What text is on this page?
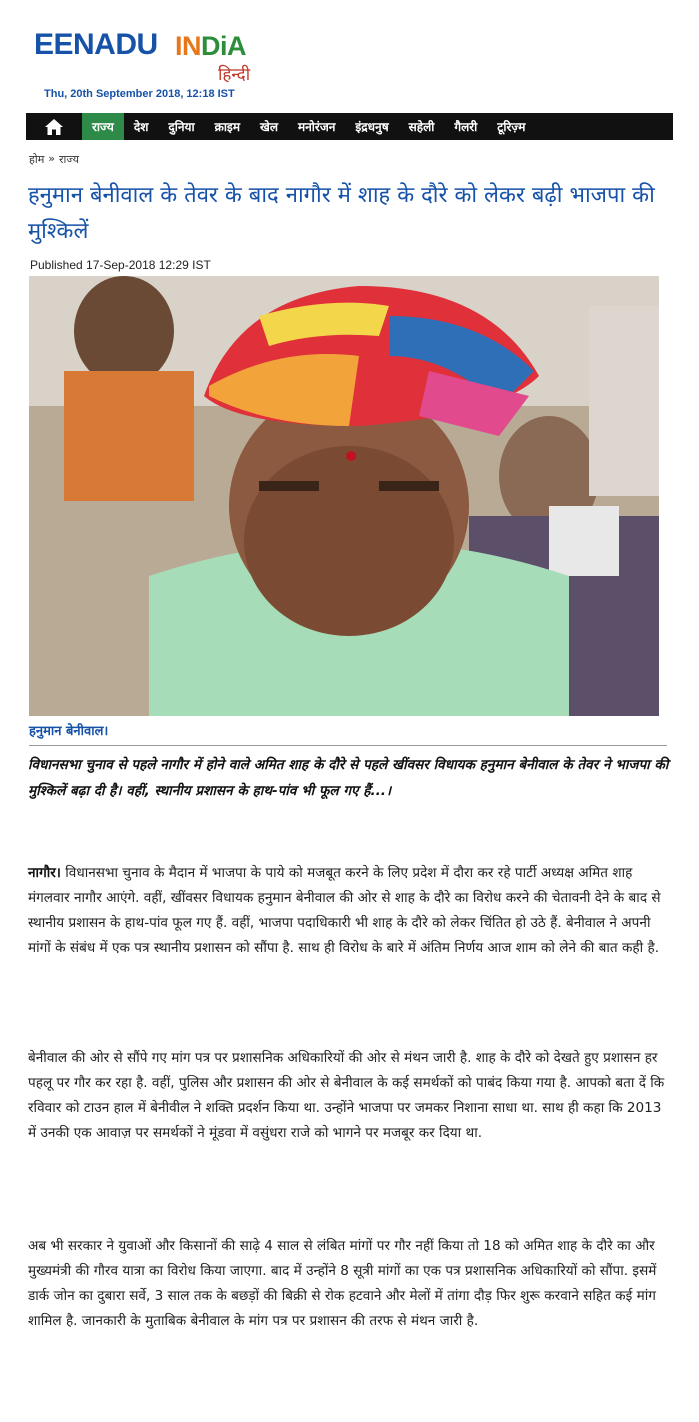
EENADU INDiA
हिन्दी
Thu, 20th September 2018, 12:18 IST
राज्य	देश	दुनिया	क्राइम	खेल	मनोरंजन	इंद्रधनुष	सहेली	गैलरी	टूरिज़्म
होम » राज्य
हनुमान बेनीवाल के तेवर के बाद नागौर में शाह के दौरे को लेकर बढ़ी भाजपा की मुश्किलें
Published 17-Sep-2018 12:29 IST
हनुमान बेनीवाल।

विधानसभा चुनाव से पहले नागौर में होने वाले अमित शाह के दौरे से पहले खींवसर विधायक हनुमान बेनीवाल के तेवर ने भाजपा की मुश्किलें बढ़ा दी है। वहीं, स्थानीय प्रशासन के हाथ-पांव भी फूल गए हैं...।

नागौर। विधानसभा चुनाव के मैदान में भाजपा के पाये को मजबूत करने के लिए प्रदेश में दौरा कर रहे पार्टी अध्यक्ष अमित शाह मंगलवार नागौर आएंगे. वहीं, खींवसर विधायक हनुमान बेनीवाल की ओर से शाह के दौरे का विरोध करने की चेतावनी देने के बाद से स्थानीय प्रशासन के हाथ-पांव फूल गए हैं. वहीं, भाजपा पदाधिकारी भी शाह के दौरे को लेकर चिंतित हो उठे हैं. बेनीवाल ने अपनी मांगों के संबंध में एक पत्र स्थानीय प्रशासन को सौंपा है. साथ ही विरोध के बारे में अंतिम निर्णय आज शाम को लेने की बात कही है.

बेनीवाल की ओर से सौंपे गए मांग पत्र पर प्रशासनिक अधिकारियों की ओर से मंथन जारी है. शाह के दौरे को देखते हुए प्रशासन हर पहलू पर गौर कर रहा है. वहीं, पुलिस और प्रशासन की ओर से बेनीवाल के कई समर्थकों को पाबंद किया गया है. आपको बता दें कि रविवार को टाउन हाल में बेनीवील ने शक्ति प्रदर्शन किया था. उन्होंने भाजपा पर जमकर निशाना साधा था. साथ ही कहा कि 2013 में उनकी एक आवाज़ पर समर्थकों ने मूंडवा में वसुंधरा राजे को भागने पर मजबूर कर दिया था.

अब भी सरकार ने युवाओं और किसानों की साढ़े 4 साल से लंबित मांगों पर गौर नहीं किया तो 18 को अमित शाह के दौरे का और मुख्यमंत्री की गौरव यात्रा का विरोध किया जाएगा. बाद में उन्होंने 8 सूत्री मांगों का एक पत्र प्रशासनिक अधिकारियों को सौंपा. इसमें डार्क जोन का दुबारा सर्वे, 3 साल तक के बछड़ों की बिक्री से रोक हटवाने और मेलों में तांगा दौड़ फिर शुरू करवाने सहित कई मांग शामिल है. जानकारी के मुताबिक बेनीवाल के मांग पत्र पर प्रशासन की तरफ से मंथन जारी है.
